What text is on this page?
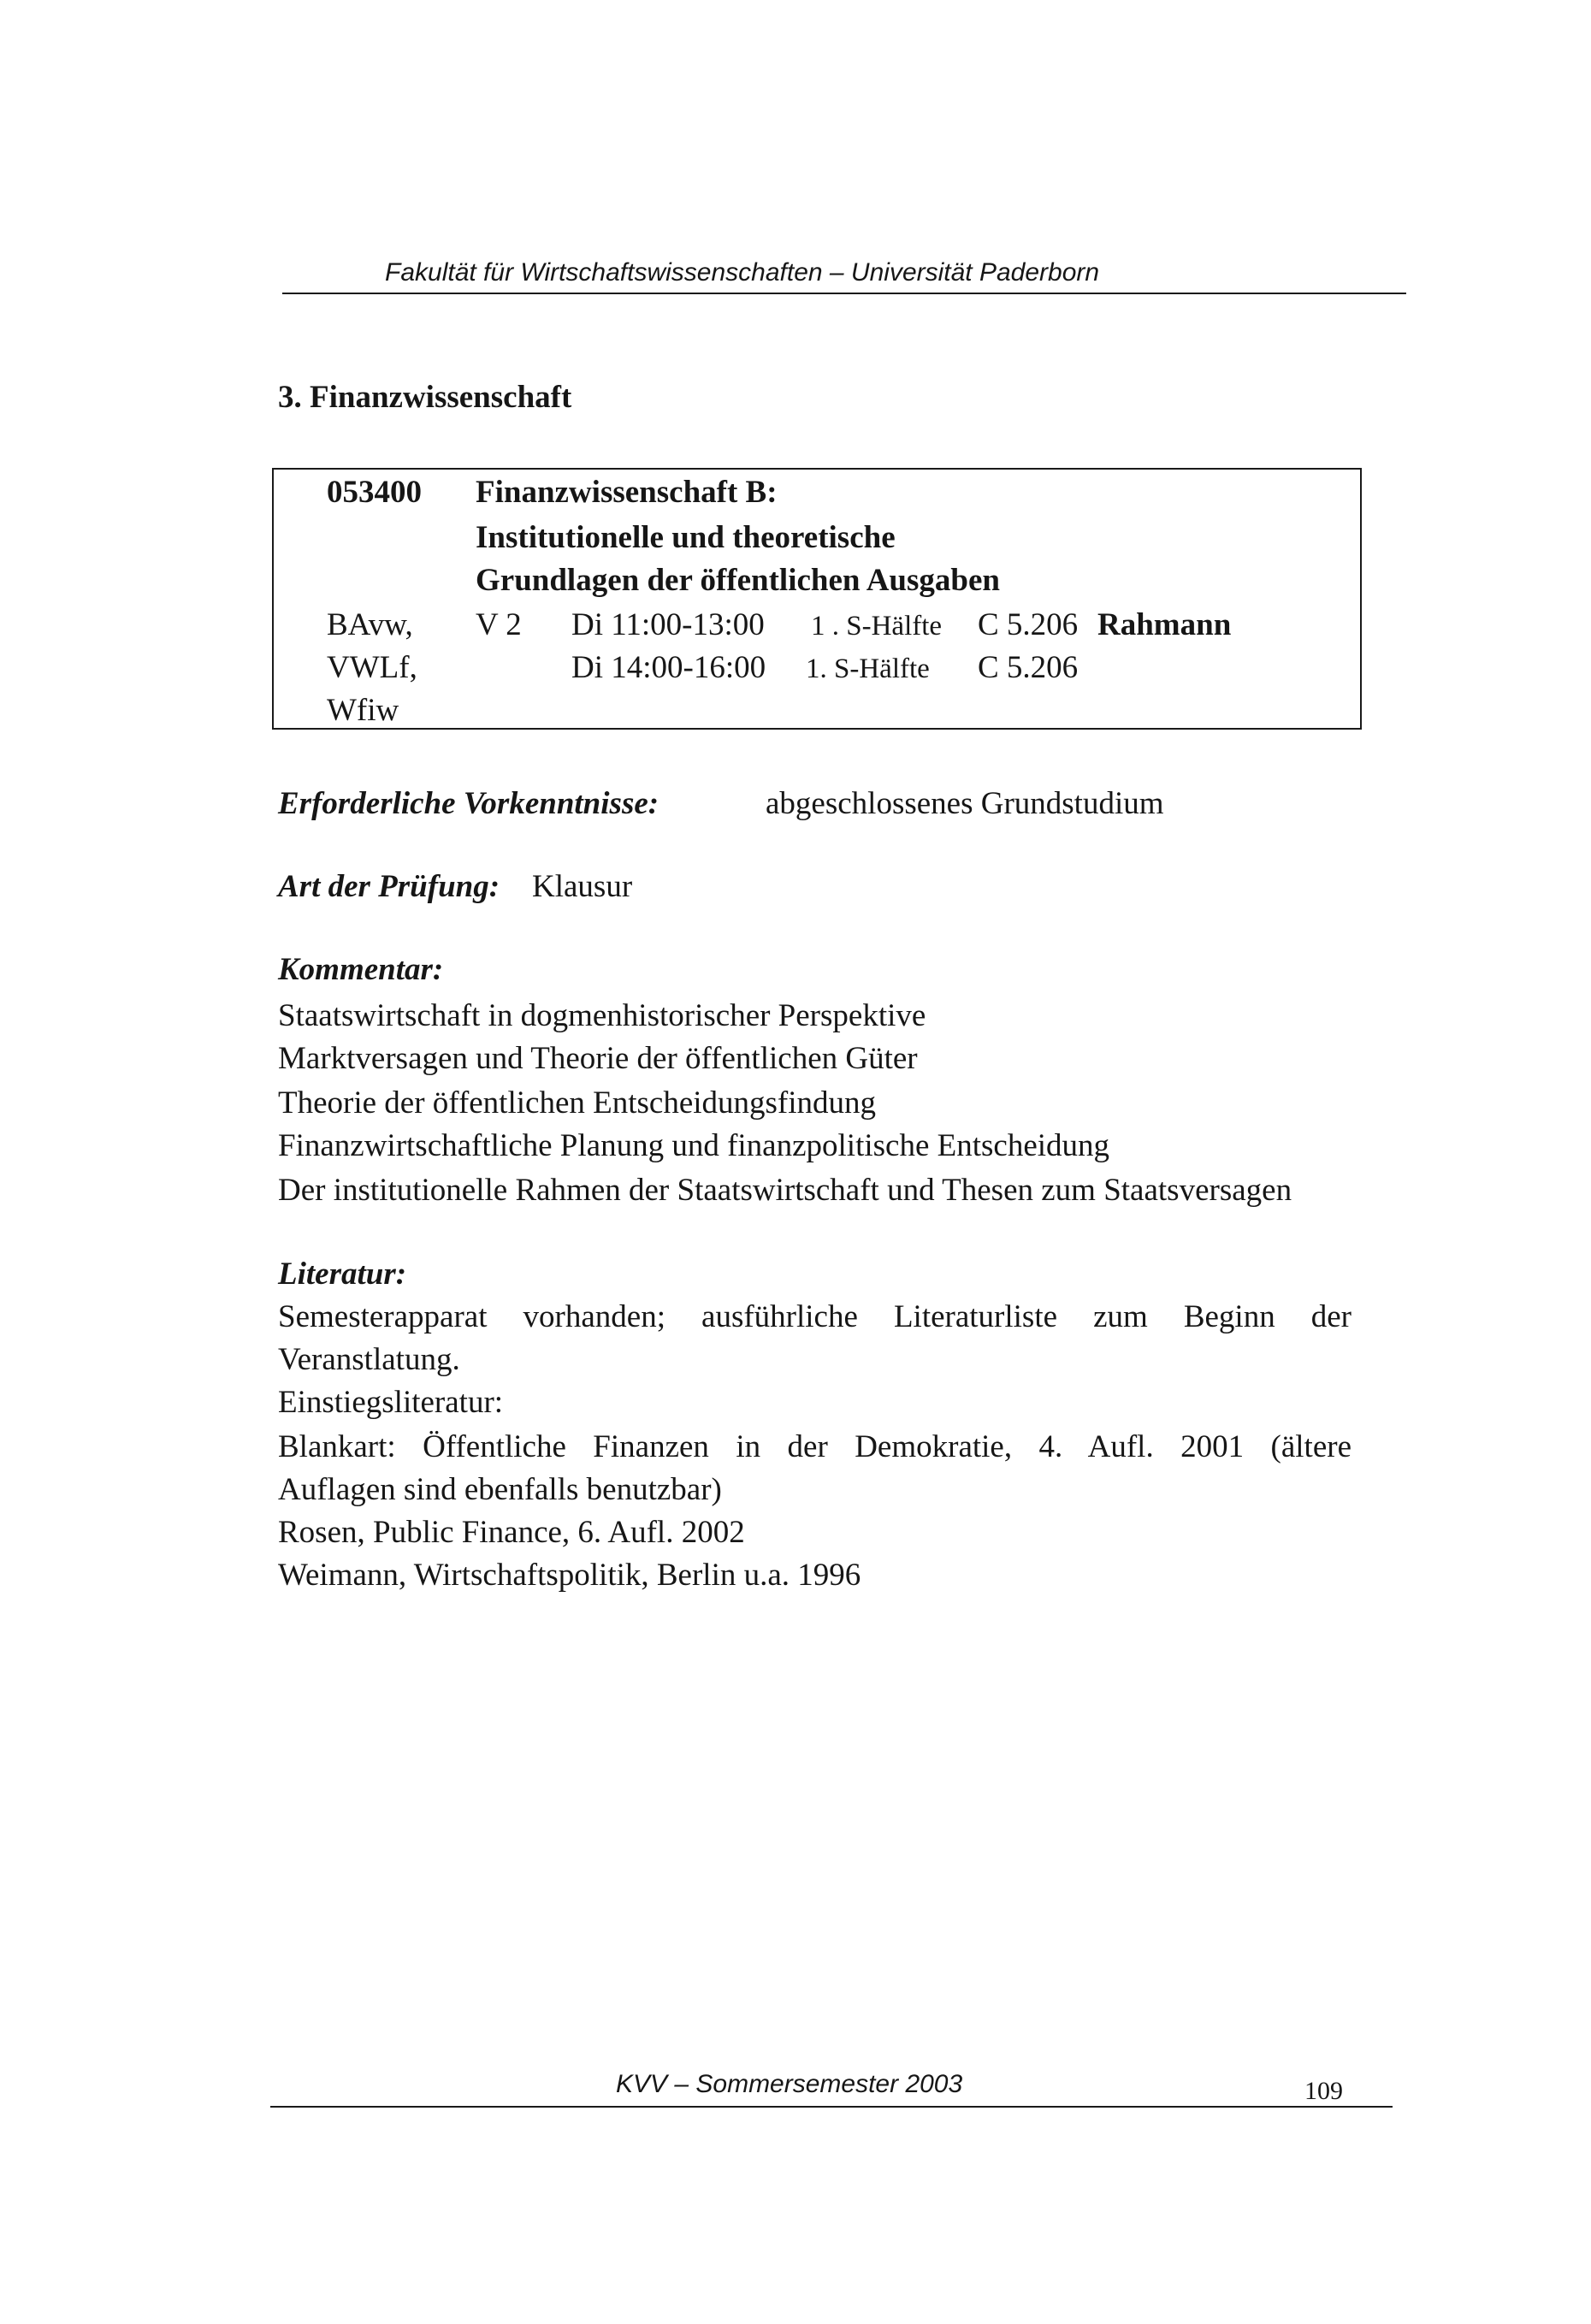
Fakultät für Wirtschaftswissenschaften – Universität Paderborn
3. Finanzwissenschaft
053400 Finanzwissenschaft B:
Institutionelle und theoretische
Grundlagen der öffentlichen Ausgaben
BAvw,
VWLf,
Wfiw
V 2 Di 11:00-13:00 1 . S-Hälfte C 5.206 Rahmann
Di 14:00-16:00 1. S-Hälfte C 5.206
Erforderliche Vorkenntnisse:	abgeschlossenes Grundstudium
Art der Prüfung: Klausur
Kommentar:
Staatswirtschaft in dogmenhistorischer Perspektive
Marktversagen und Theorie der öffentlichen Güter
Theorie der öffentlichen Entscheidungsfindung
Finanzwirtschaftliche Planung und finanzpolitische Entscheidung
Der institutionelle Rahmen der Staatswirtschaft und Thesen zum Staatsversagen
Literatur:
Semesterapparat vorhanden; ausführliche Literaturliste zum Beginn der
Veranstlatung.
Einstiegsliteratur:
Blankart: Öffentliche Finanzen in der Demokratie, 4. Aufl. 2001 (ältere
Auflagen sind ebenfalls benutzbar)
Rosen, Public Finance, 6. Aufl. 2002
Weimann, Wirtschaftspolitik, Berlin u.a. 1996
KVV – Sommersemester 2003	109
